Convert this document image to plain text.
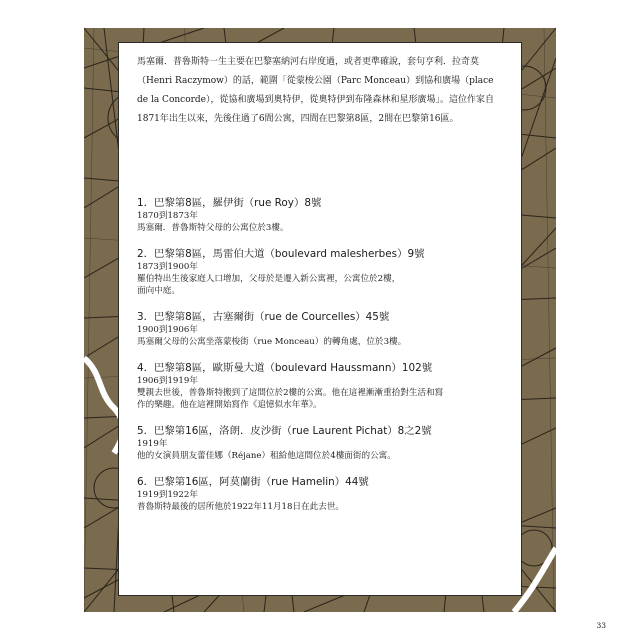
馬塞爾．普魯斯特一生主要在巴黎塞納河右岸度過，或者更準確說，套句亨利．拉奇莫（Henri Raczymow）的話，範圍「從蒙梭公園（Parc Monceau）到協和廣場（place de la Concorde），從協和廣場到奧特伊，從奧特伊到布隆森林和星形廣場」。這位作家自1871年出生以來，先後住過了6間公寓，四間在巴黎第8區，2間在巴黎第16區。

1．巴黎第8區，羅伊街（rue Roy）8號
1870到1873年
馬塞爾．普魯斯特父母的公寓位於3樓。
2．巴黎第8區，馬雷伯大道（boulevard malesherbes）9號
1873到1900年
羅伯特出生後家庭人口增加，父母於是遷入新公寓裡，公寓位於2樓，
面向中庭。
3．巴黎第8區，古塞爾街（rue de Courcelles）45號
1900到1906年
馬塞爾父母的公寓坐落蒙梭街（rue Monceau）的轉角處，位於3樓。
4．巴黎第8區，歐斯曼大道（boulevard Haussmann）102號
1906到1919年
雙親去世後，普魯斯特搬到了這間位於2樓的公寓。他在這裡漸漸重拾對生活和寫
作的樂趣。他在這裡開始寫作《追憶似水年華》。
5．巴黎第16區，洛朗．皮沙街（rue Laurent Pichat）8之2號
1919年
他的女演員朋友蕾佳娜（Réjane）租給他這間位於4樓面街的公寓。
6．巴黎第16區，阿莫蘭街（rue Hamelin）44號
1919到1922年
普魯斯特最後的居所他於1922年11月18日在此去世。
33
